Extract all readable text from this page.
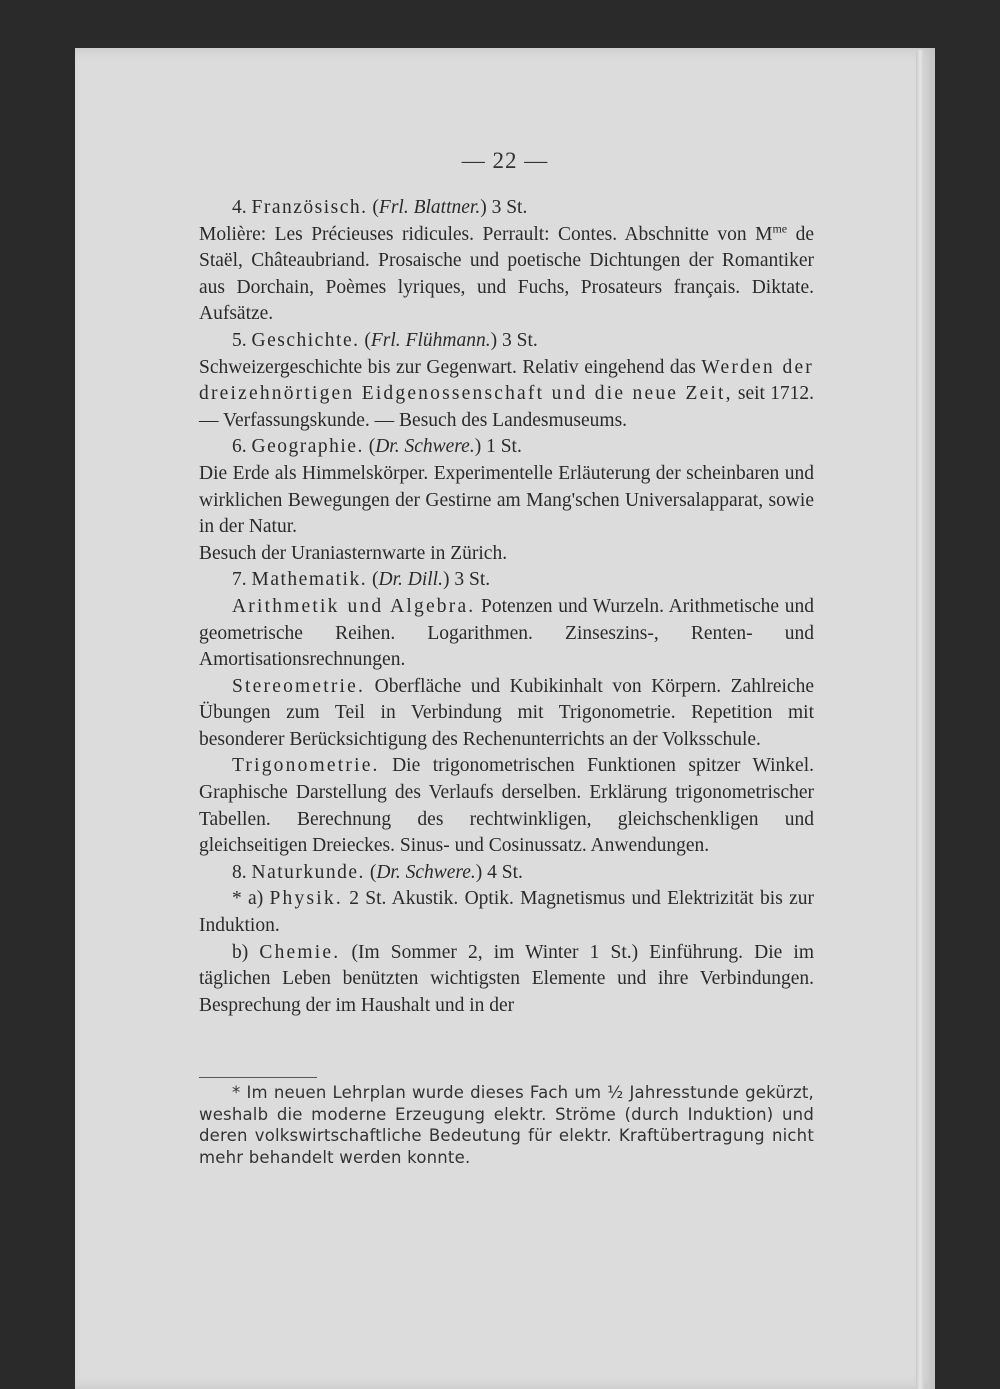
— 22 —

4. Französisch. (Frl. Blattner.) 3 St.

Molière: Les Précieuses ridicules. Perrault: Contes. Abschnitte von $M^{me}$ de Staël, Châteaubriand. Prosaische und poetische Dichtungen der Romantiker aus Dorchain, Poèmes lyriques, und Fuchs, Prosateurs français. Diktate. Aufsätze.

5. Geschichte. (Frl. Flühmann.) 3 St.

Schweizergeschichte bis zur Gegenwart. Relativ eingehend das Werden der dreizehnörtigen Eidgenossenschaft und die neue Zeit, seit 1712. — Verfassungskunde. — Besuch des Landesmuseums.

6. Geographie. (Dr. Schwere.) 1 St.

Die Erde als Himmelskörper. Experimentelle Erläuterung der scheinbaren und wirklichen Bewegungen der Gestirne am Mang'schen Universalapparat, sowie in der Natur.

Besuch der Uraniasternwarte in Zürich.

7. Mathematik. (Dr. Dill.) 3 St.

Arithmetik und Algebra. Potenzen und Wurzeln. Arithmetische und geometrische Reihen. Logarithmen. Zinseszins-, Renten- und Amortisationsrechnungen.

Stereometrie. Oberfläche und Kubikinhalt von Körpern. Zahlreiche Übungen zum Teil in Verbindung mit Trigonometrie. Repetition mit besonderer Berücksichtigung des Rechenunterrichts an der Volksschule.

Trigonometrie. Die trigonometrischen Funktionen spitzer Winkel. Graphische Darstellung des Verlaufs derselben. Erklärung trigonometrischer Tabellen. Berechnung des rechtwinkligen, gleichschenkligen und gleichseitigen Dreieckes. Sinus- und Cosinussatz. Anwendungen.

8. Naturkunde. (Dr. Schwere.) 4 St.

* a) Physik. 2 St. Akustik. Optik. Magnetismus und Elektrizität bis zur Induktion.

b) Chemie. (Im Sommer 2, im Winter 1 St.) Einführung. Die im täglichen Leben benützten wichtigsten Elemente und ihre Verbindungen. Besprechung der im Haushalt und in der

* Im neuen Lehrplan wurde dieses Fach um ½ Jahresstunde gekürzt, weshalb die moderne Erzeugung elektr. Ströme (durch Induktion) und deren volkswirtschaftliche Bedeutung für elektr. Kraftübertragung nicht mehr behandelt werden konnte.
